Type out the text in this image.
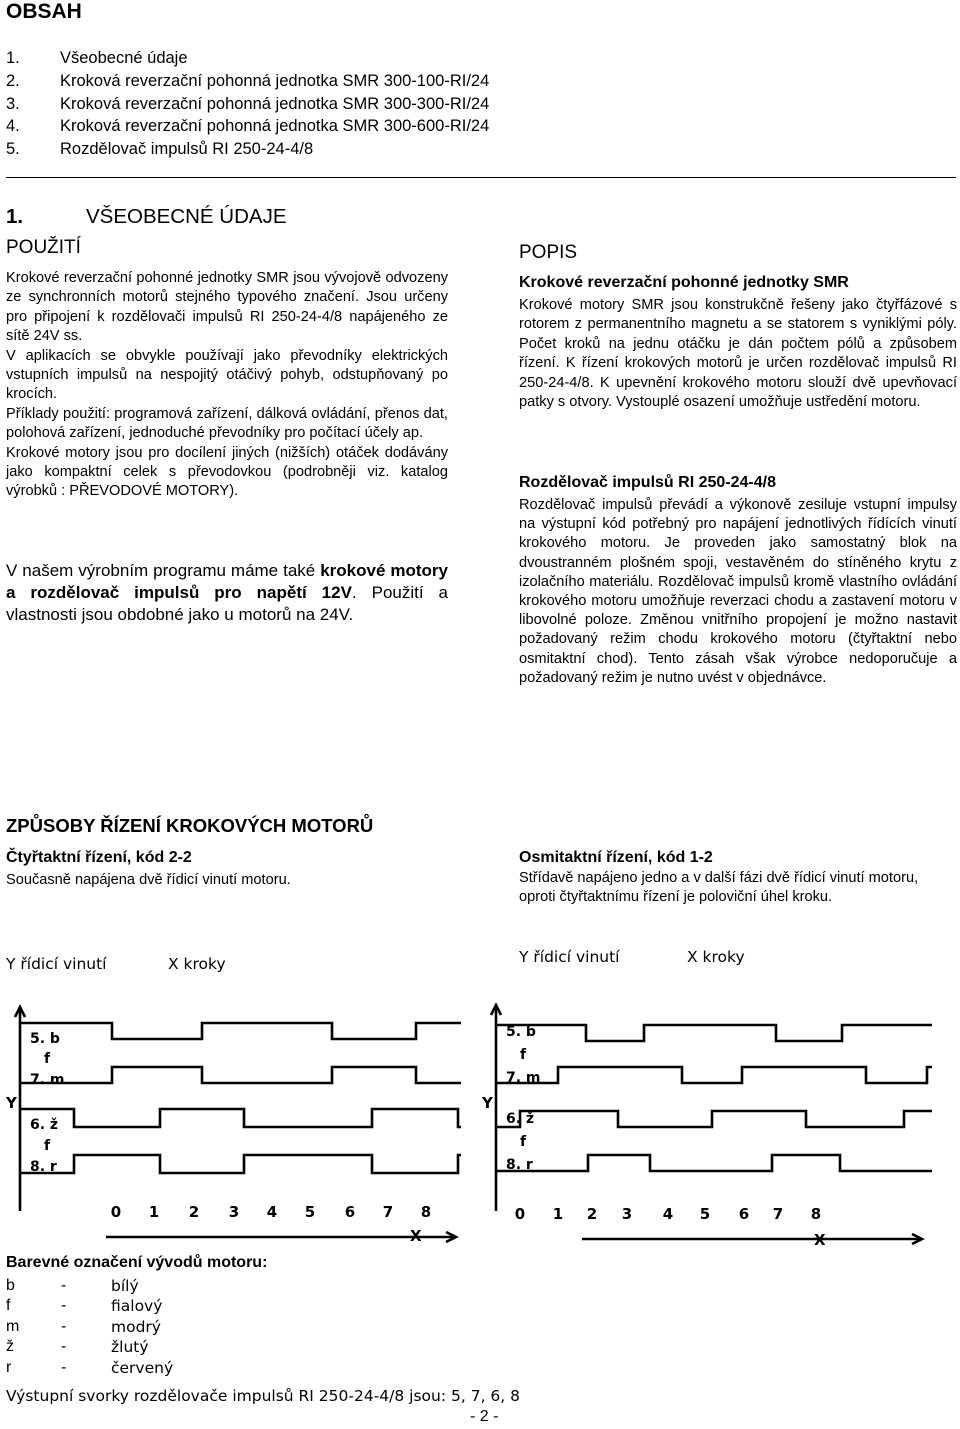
OBSAH
1.	Všeobecné údaje
2.	Kroková reverzační pohonná jednotka SMR 300-100-RI/24
3.	Kroková reverzační pohonná jednotka SMR 300-300-RI/24
4.	Kroková reverzační pohonná jednotka SMR 300-600-RI/24
5.	Rozdělovač impulsů RI 250-24-4/8
1.	VŠEOBECNÉ ÚDAJE
POUŽITÍ

Krokové reverzační pohonné jednotky SMR jsou vývojově odvozeny ze synchronních motorů stejného typového značení. Jsou určeny pro připojení k rozdělovači impulsů RI 250-24-4/8 napájeného ze sítě 24V ss.

V aplikacích se obvykle používají jako převodníky elektrických vstupních impulsů na nespojitý otáčivý pohyb, odstupňovaný po krocích.

Příklady použití: programová zařízení, dálková ovládání, přenos dat, polohová zařízení, jednoduché převodníky pro počítací účely ap.

Krokové motory jsou pro docílení jiných (nižších) otáček dodávány jako kompaktní celek s převodovkou (podrobněji viz. katalog výrobků : PŘEVODOVÉ MOTORY).

V našem výrobním programu máme také krokové motory a rozdělovač impulsů pro napětí 12V. Použití a vlastnosti jsou obdobné jako u motorů na 24V.
POPIS
Krokové reverzační pohonné jednotky SMR

Krokové motory SMR jsou konstrukčně řešeny jako čtyřfázové s rotorem z permanentního magnetu a se statorem s vyniklými póly. Počet kroků na jednu otáčku je dán počtem pólů a způsobem řízení. K řízení krokových motorů je určen rozdělovač impulsů RI 250-24-4/8. K upevnění krokového motoru slouží dvě upevňovací patky s otvory. Vystouplé osazení umožňuje ustředění motoru.

Rozdělovač impulsů RI 250-24-4/8

Rozdělovač impulsů převádí a výkonově zesiluje vstupní impulsy na výstupní kód potřebný pro napájení jednotlivých řídících vinutí krokového motoru. Je proveden jako samostatný blok na dvoustranném plošném spoji, vestavěném do stíněného krytu z izolačního materiálu. Rozdělovač impulsů kromě vlastního ovládání krokového motoru umožňuje reverzaci chodu a zastavení motoru v libovolné poloze. Změnou vnitřního propojení je možno nastavit požadovaný režim chodu krokového motoru (čtyřtaktní nebo osmitaktní chod). Tento zásah však výrobce nedoporučuje a požadovaný režim je nutno uvést v objednávce.

ZPŮSOBY ŘÍZENÍ KROKOVÝCH MOTORŮ
Čtyřtaktní řízení, kód 2-2
Současně napájena dvě řídicí vinutí motoru.
Osmitaktní řízení, kód 1-2
Střídavě napájeno jedno a v další fázi dvě řídicí vinutí motoru, oproti čtyřtaktnímu řízení je poloviční úhel kroku.
Y řídicí vinutí	X kroky	Y řídicí vinutí	X kroky
5. b
f
7. m
6. ž
f
8. r
Y
X
0 1 2 3 4 5 6 7 8
5. b
f
7. m
6. ž
f
8. r
Y
X
0 1 2 3 4 5 6 7 8
Barevné označení vývodů motoru:
b	-	bílý
f	-	fialový
m	-	modrý
ž	-	žlutý
r	-	červený
Výstupní svorky rozdělovače impulsů RI 250-24-4/8 jsou: 5, 7, 6, 8
- 2 -
